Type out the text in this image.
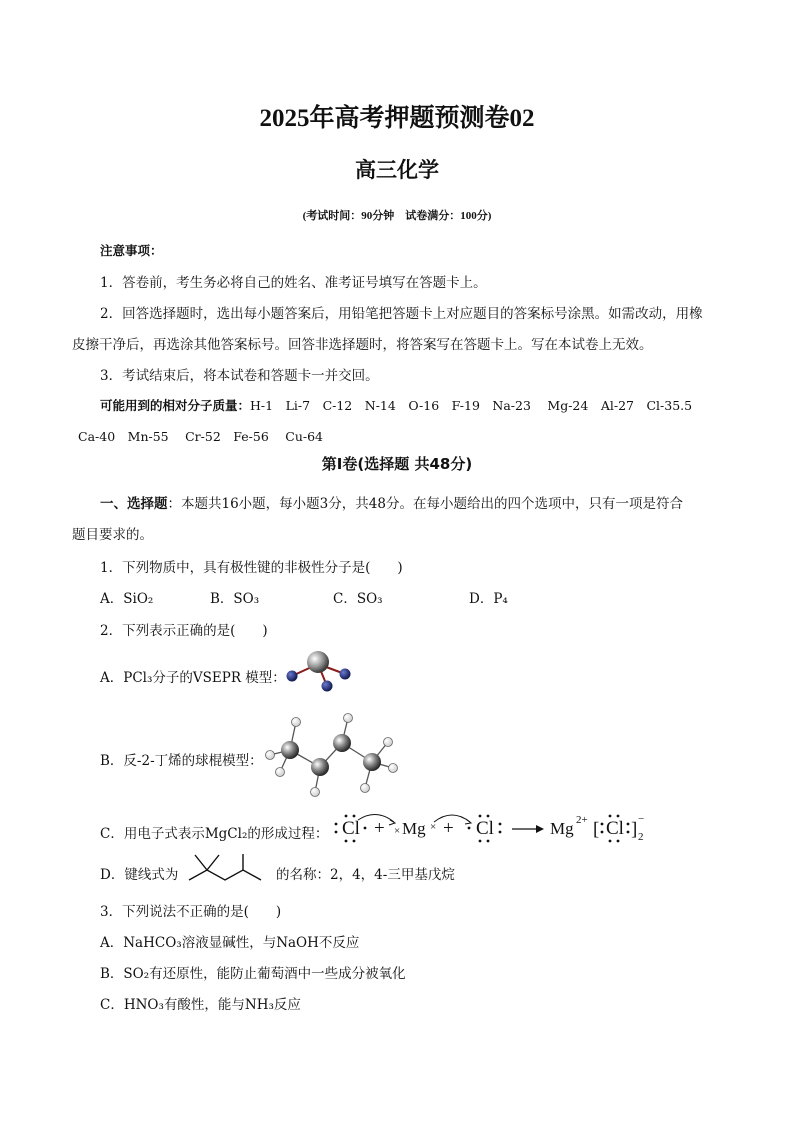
2025年高考押题预测卷02
高三化学
(考试时间：90分钟　试卷满分：100分)
注意事项：
1．答卷前，考生务必将自己的姓名、准考证号填写在答题卡上。
2．回答选择题时，选出每小题答案后，用铅笔把答题卡上对应题目的答案标号涂黑。如需改动，用橡
皮擦干净后，再选涂其他答案标号。回答非选择题时，将答案写在答题卡上。写在本试卷上无效。
3．考试结束后，将本试卷和答题卡一并交回。
可能用到的相对分子质量：H-1　Li-7　C-12　N-14　O-16　F-19　Na-23　 Mg-24　Al-27　Cl-35.5
Ca-40　Mn-55　 Cr-52　Fe-56　 Cu-64
第Ⅰ卷(选择题 共48分)
一、选择题：本题共16小题，每小题3分，共48分。在每小题给出的四个选项中，只有一项是符合
题目要求的。
1．下列物质中，具有极性键的非极性分子是(　　)
A．SiO₂	B．SO₃	C．SO₃	D．P₄
2．下列表示正确的是(　　)
A．PCl₃分子的VSEPR 模型：
B．反-2-丁烯的球棍模型：
C．用电子式表示MgCl₂的形成过程： Cl + × Mg × + Cl	Mg 2+ [ Cl ] −
2
D．键线式为	的名称：2，4，4-三甲基戊烷
3．下列说法不正确的是(　　)
A．NaHCO₃溶液显碱性，与NaOH不反应
B．SO₂有还原性，能防止葡萄酒中一些成分被氧化
C．HNO₃有酸性，能与NH₃反应
